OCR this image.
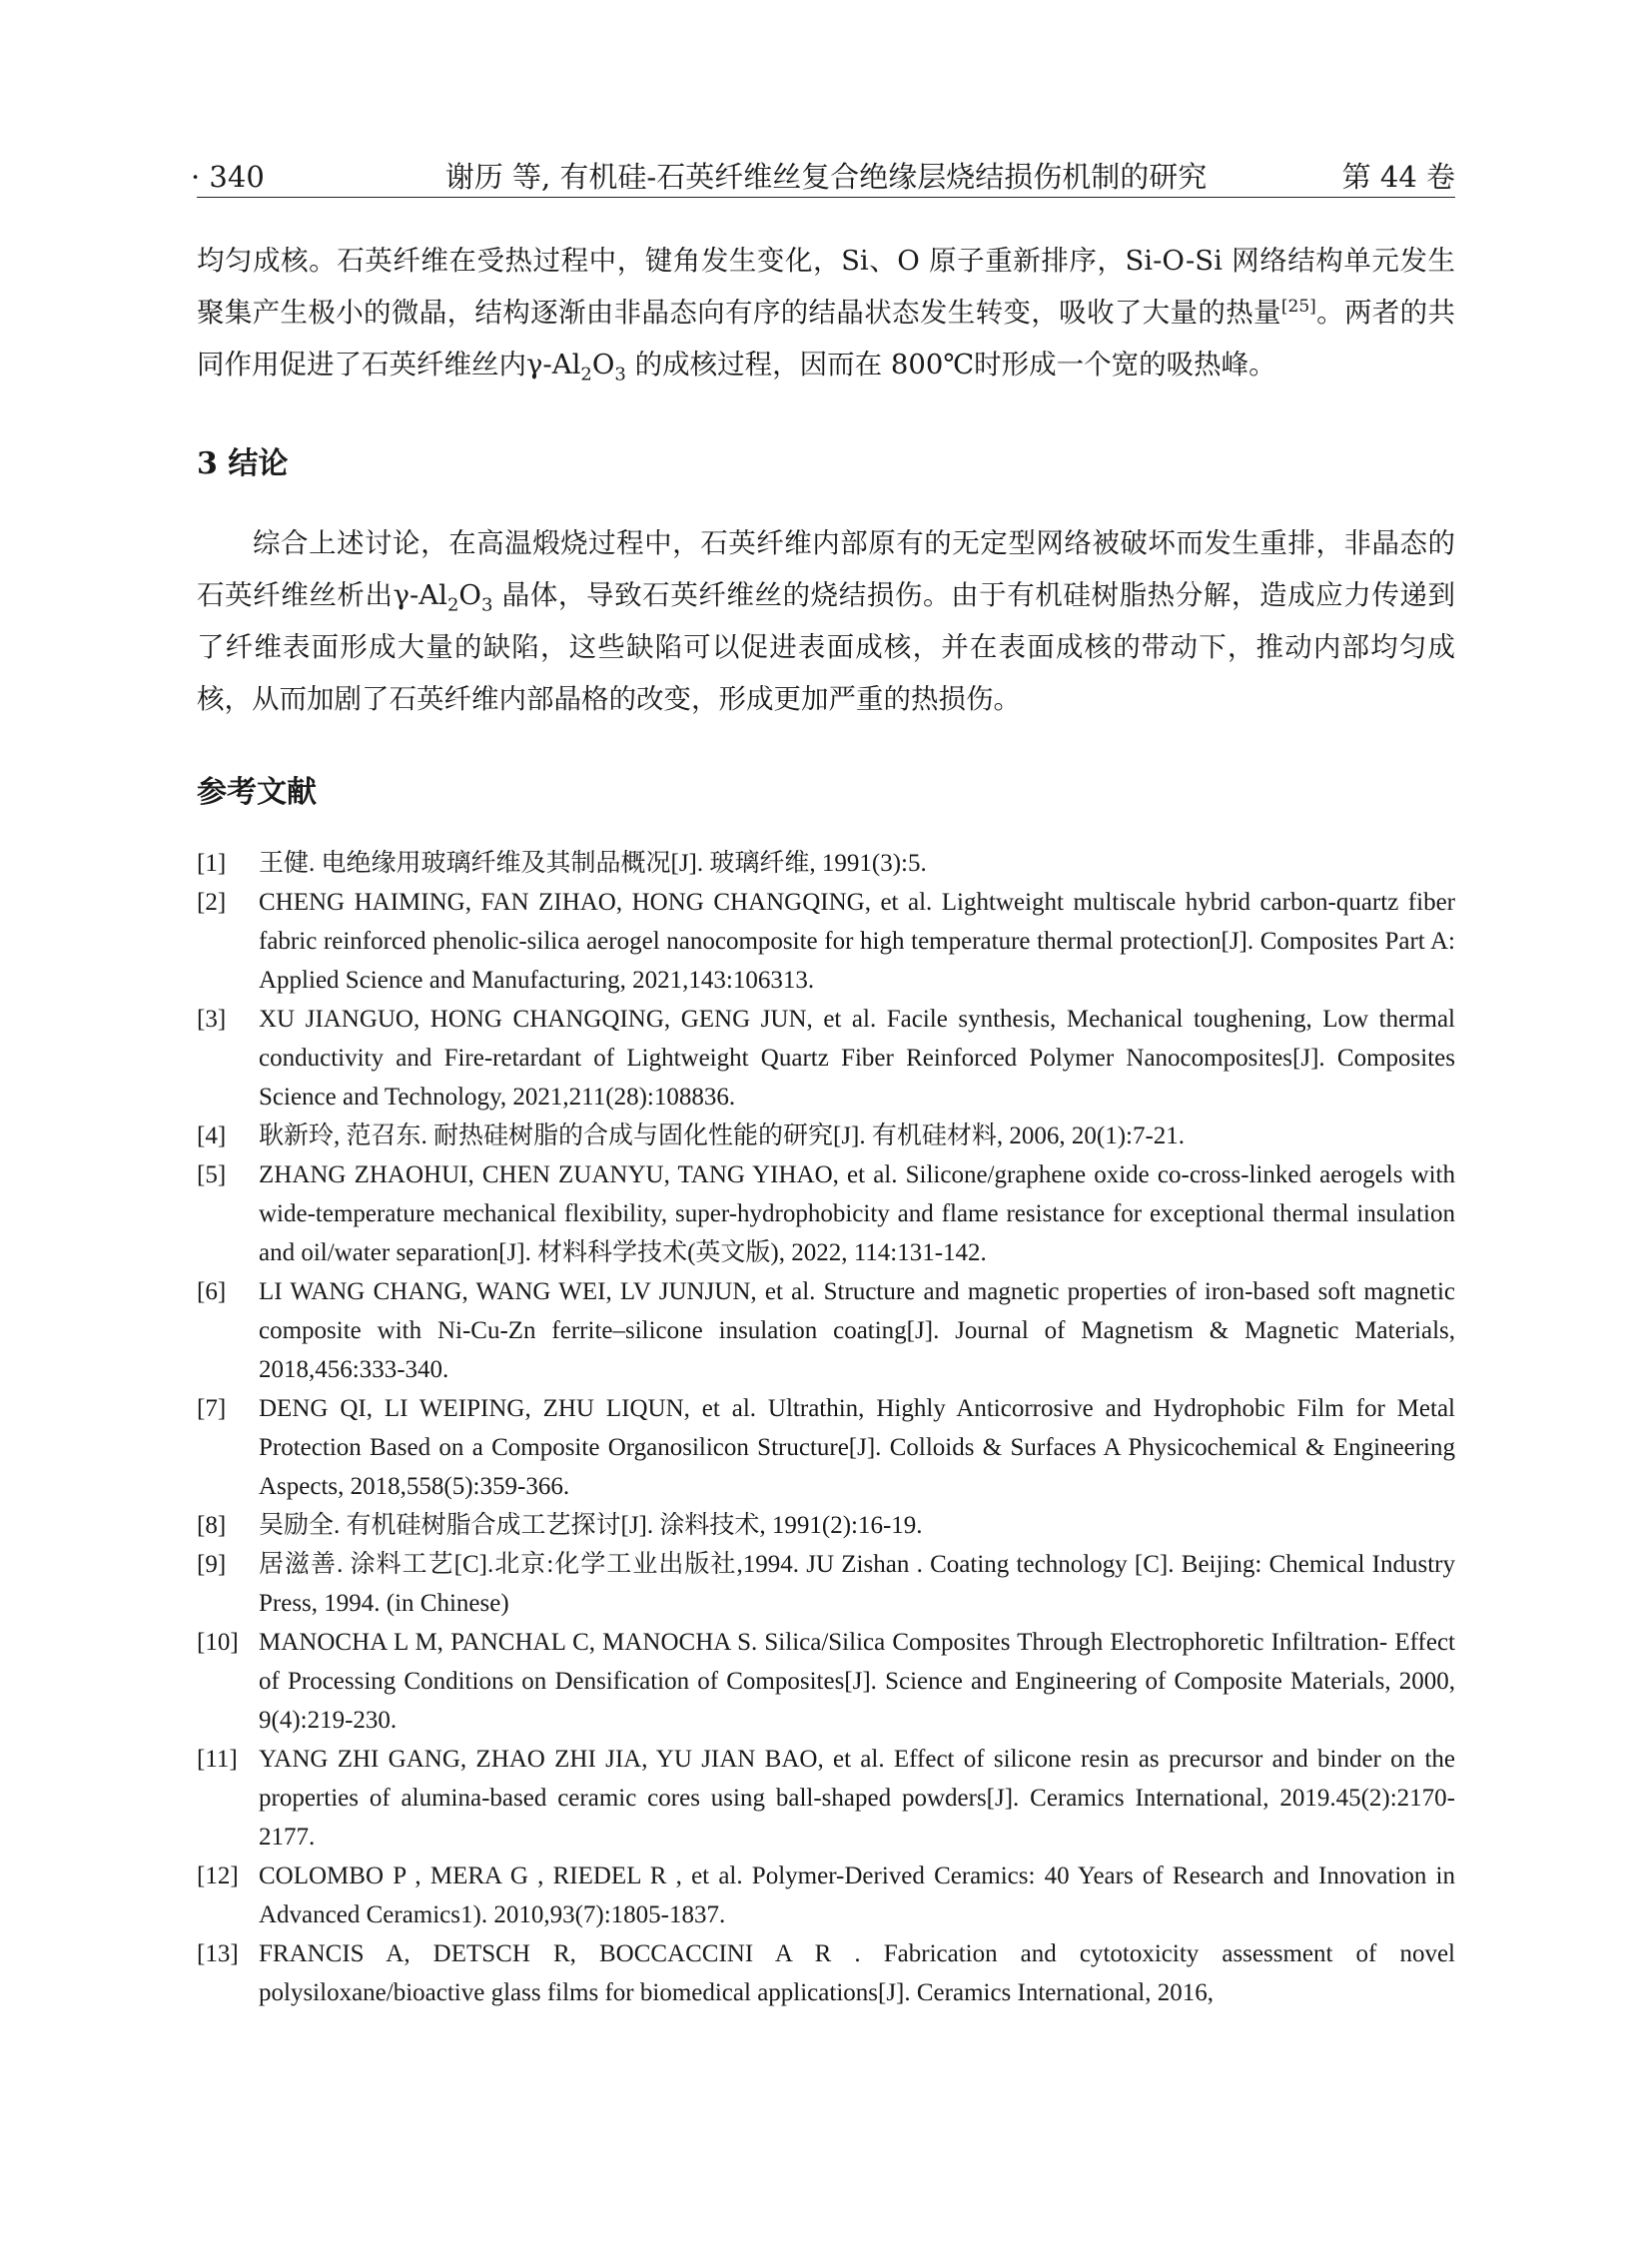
· 340	谢历 等, 有机硅-石英纤维丝复合绝缘层烧结损伤机制的研究	第 44 卷

均匀成核。石英纤维在受热过程中，键角发生变化，Si、O 原子重新排序，Si-O-Si 网络结构单元发生聚集产生极小的微晶，结构逐渐由非晶态向有序的结晶状态发生转变，吸收了大量的热量[25]。两者的共同作用促进了石英纤维丝内$\gamma-Al_2O_3$ 的成核过程，因而在 800℃时形成一个宽的吸热峰。

3 结论

综合上述讨论，在高温煅烧过程中，石英纤维内部原有的无定型网络被破坏而发生重排，非晶态的石英纤维丝析出$\gamma-Al_2O_3$ 晶体，导致石英纤维丝的烧结损伤。由于有机硅树脂热分解，造成应力传递到了纤维表面形成大量的缺陷，这些缺陷可以促进表面成核，并在表面成核的带动下，推动内部均匀成核，从而加剧了石英纤维内部晶格的改变，形成更加严重的热损伤。

参考文献

[1] 王健. 电绝缘用玻璃纤维及其制品概况[J]. 玻璃纤维, 1991(3):5.

[2] CHENG HAIMING, FAN ZIHAO, HONG CHANGQING, et al. Lightweight multiscale hybrid carbon-quartz fiber fabric reinforced phenolic-silica aerogel nanocomposite for high temperature thermal protection[J]. Composites Part A: Applied Science and Manufacturing, 2021,143:106313.

[3] XU JIANGUO, HONG CHANGQING, GENG JUN, et al. Facile synthesis, Mechanical toughening, Low thermal conductivity and Fire-retardant of Lightweight Quartz Fiber Reinforced Polymer Nanocomposites[J]. Composites Science and Technology, 2021,211(28):108836.

[4] 耿新玲, 范召东. 耐热硅树脂的合成与固化性能的研究[J]. 有机硅材料, 2006, 20(1):7-21.

[5] ZHANG ZHAOHUI, CHEN ZUANYU, TANG YIHAO, et al. Silicone/graphene oxide co-cross-linked aerogels with wide-temperature mechanical flexibility, super-hydrophobicity and flame resistance for exceptional thermal insulation and oil/water separation[J]. 材料科学技术(英文版), 2022, 114:131-142.

[6] LI WANG CHANG, WANG WEI, LV JUNJUN, et al. Structure and magnetic properties of iron-based soft magnetic composite with Ni-Cu-Zn ferrite–silicone insulation coating[J]. Journal of Magnetism & Magnetic Materials, 2018,456:333-340.

[7] DENG QI, LI WEIPING, ZHU LIQUN, et al. Ultrathin, Highly Anticorrosive and Hydrophobic Film for Metal Protection Based on a Composite Organosilicon Structure[J]. Colloids & Surfaces A Physicochemical & Engineering Aspects, 2018,558(5):359-366.

[8] 吴励全. 有机硅树脂合成工艺探讨[J]. 涂料技术, 1991(2):16-19.

[9] 居滋善. 涂料工艺[C].北京:化学工业出版社,1994. JU Zishan . Coating technology [C]. Beijing: Chemical Industry Press, 1994. (in Chinese)

[10] MANOCHA L M, PANCHAL C, MANOCHA S. Silica/Silica Composites Through Electrophoretic Infiltration- Effect of Processing Conditions on Densification of Composites[J]. Science and Engineering of Composite Materials, 2000, 9(4):219-230.

[11] YANG ZHI GANG, ZHAO ZHI JIA, YU JIAN BAO, et al. Effect of silicone resin as precursor and binder on the properties of alumina-based ceramic cores using ball-shaped powders[J]. Ceramics International, 2019.45(2):2170-2177.

[12] COLOMBO P , MERA G , RIEDEL R , et al. Polymer-Derived Ceramics: 40 Years of Research and Innovation in Advanced Ceramics1). 2010,93(7):1805-1837.

[13] FRANCIS A, DETSCH R, BOCCACCINI A R . Fabrication and cytotoxicity assessment of novel polysiloxane/bioactive glass films for biomedical applications[J]. Ceramics International, 2016,
